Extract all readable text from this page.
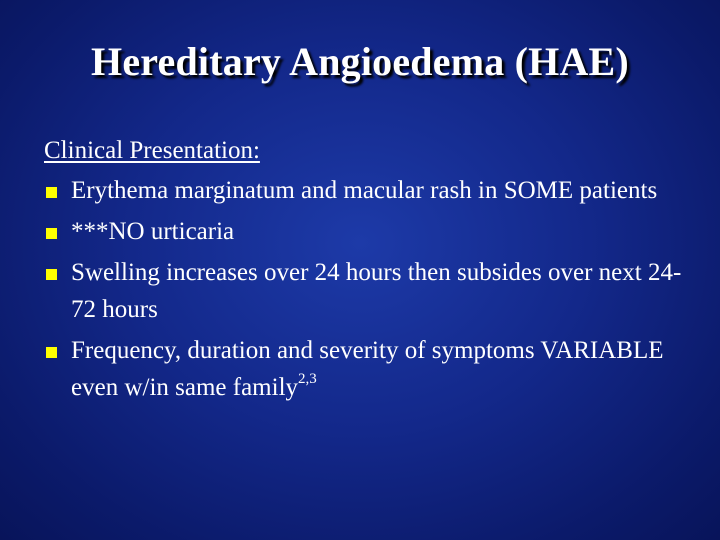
Hereditary Angioedema (HAE)
Clinical Presentation:
Erythema marginatum and macular rash in SOME patients
***NO urticaria
Swelling increases over 24 hours then subsides over next 24-72 hours
Frequency, duration and severity of symptoms VARIABLE even w/in same family$^{2,3}$
